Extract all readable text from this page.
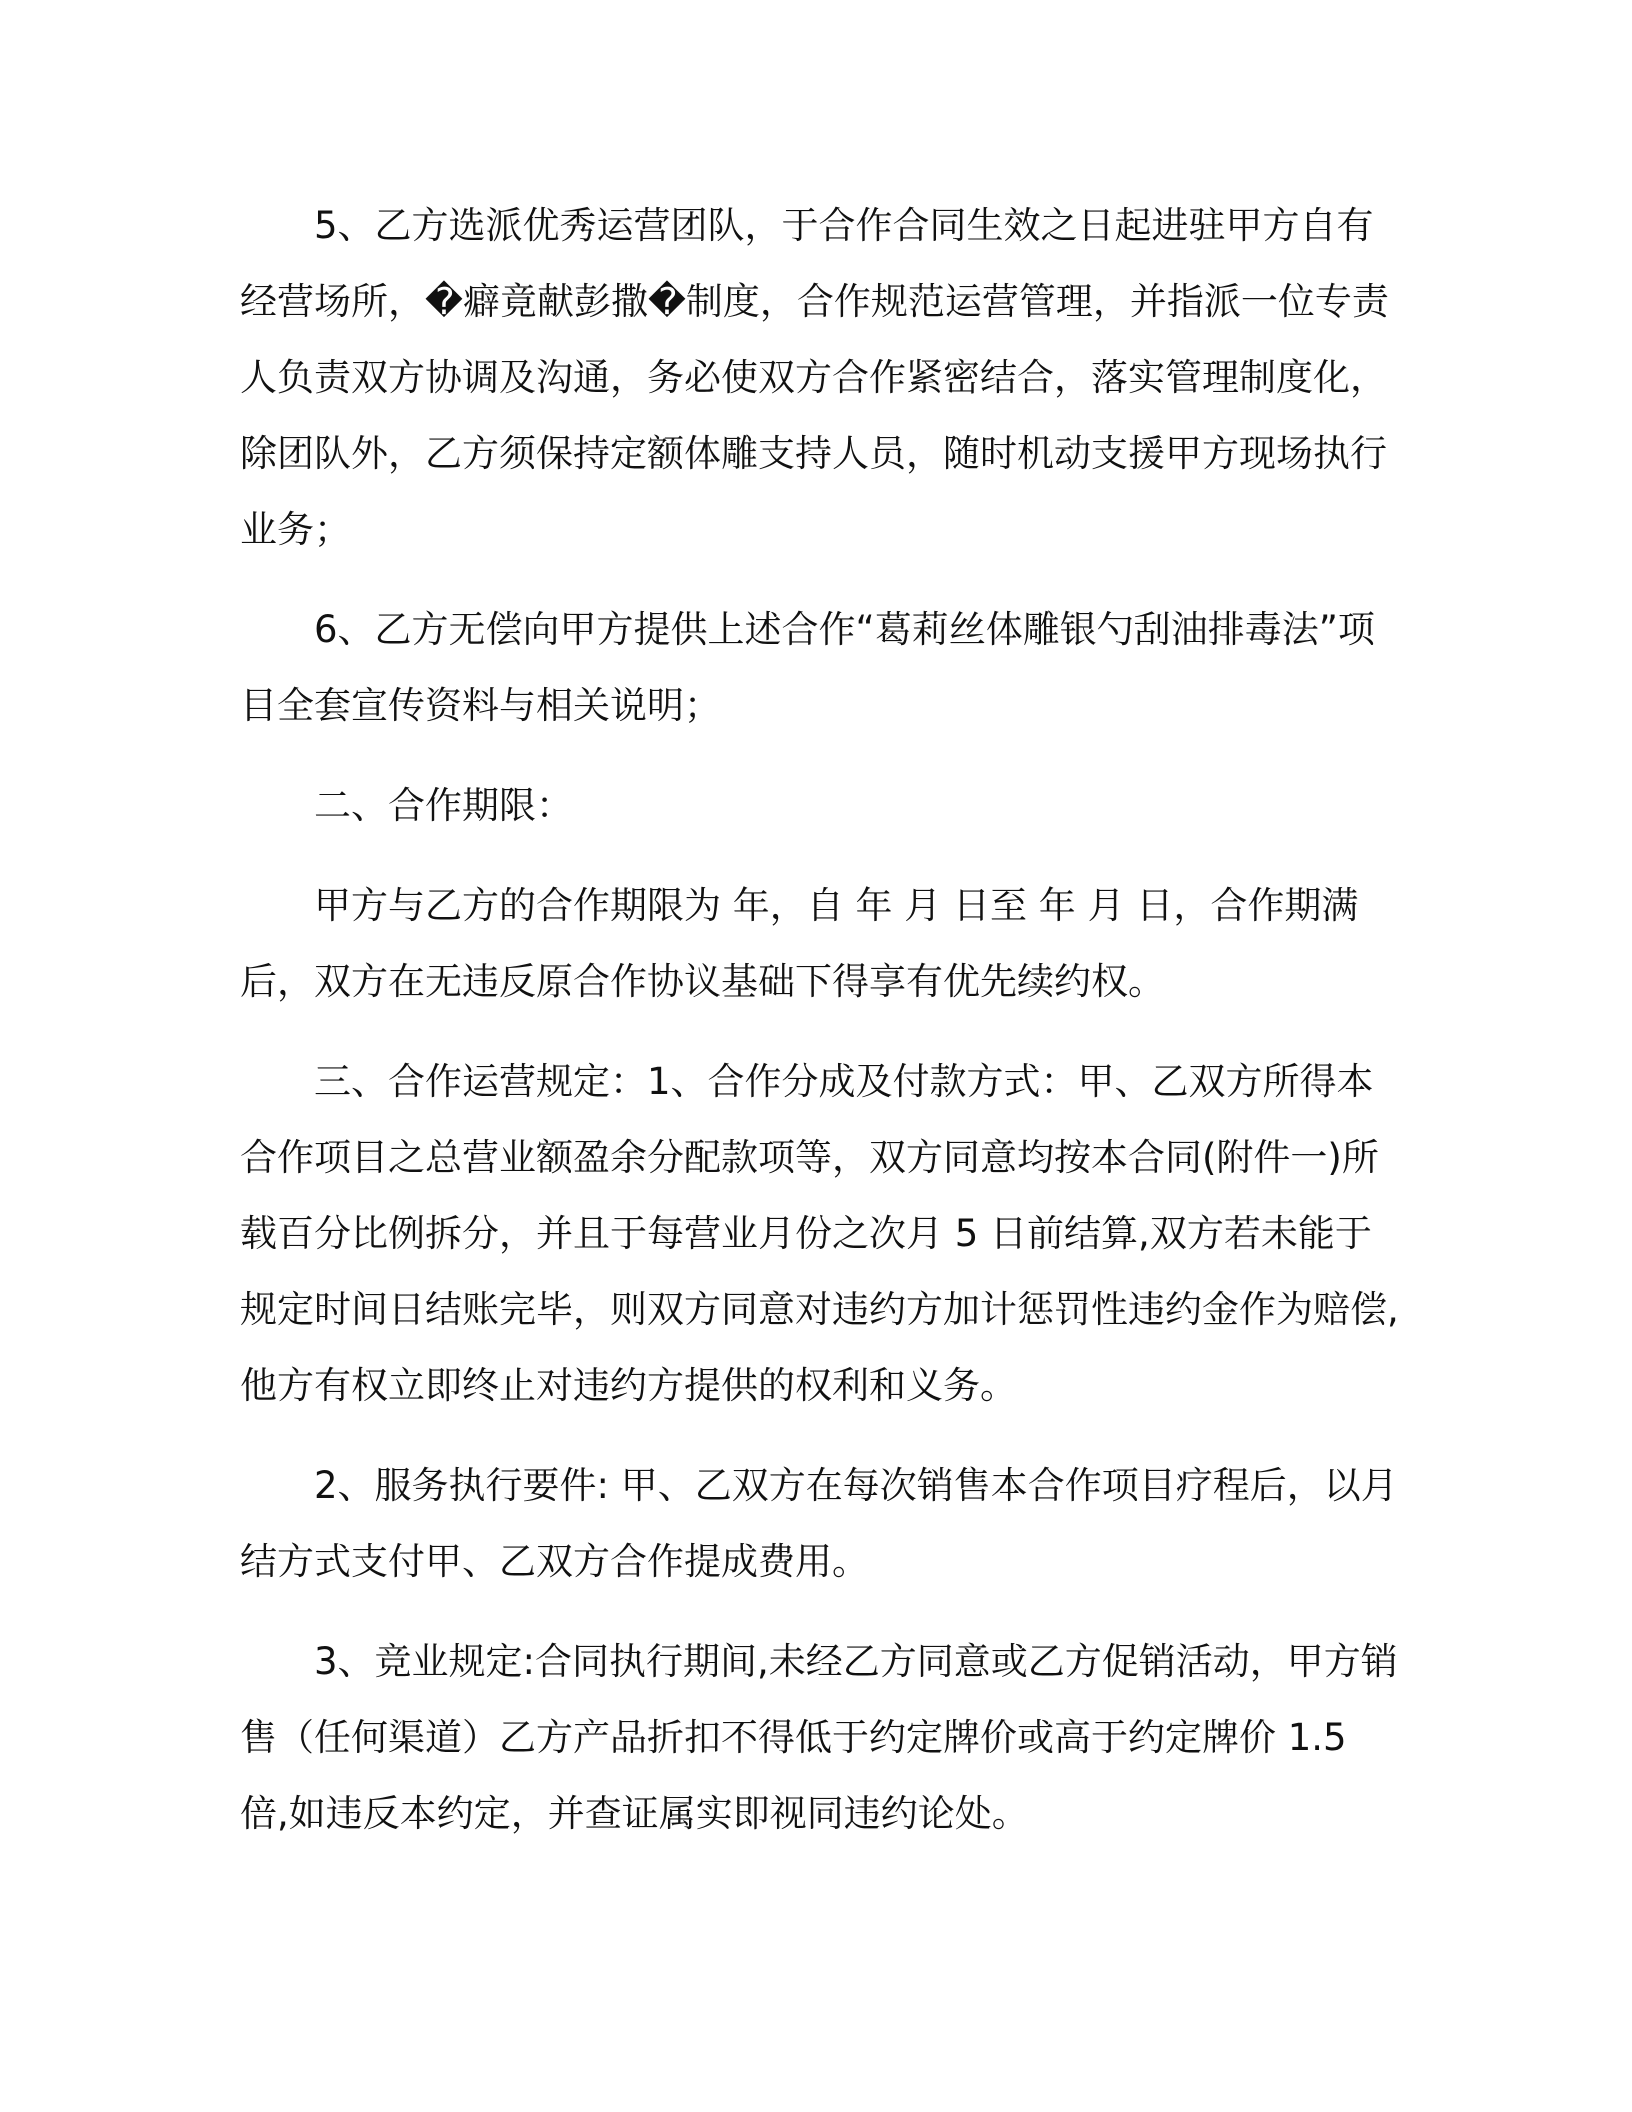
5、乙方选派优秀运营团队，于合作合同生效之日起进驻甲方自有经营场所，�癖竟献彭撒�制度，合作规范运营管理，并指派一位专责人负责双方协调及沟通，务必使双方合作紧密结合，落实管理制度化，除团队外，乙方须保持定额体雕支持人员，随时机动支援甲方现场执行业务；

6、乙方无偿向甲方提供上述合作“葛莉丝体雕银勺刮油排毒法”项目全套宣传资料与相关说明；

二、合作期限：

甲方与乙方的合作期限为 年，自 年 月 日至 年 月 日，合作期满后，双方在无违反原合作协议基础下得享有优先续约权。

三、合作运营规定：1、合作分成及付款方式：甲、乙双方所得本合作项目之总营业额盈余分配款项等，双方同意均按本合同(附件一)所载百分比例拆分，并且于每营业月份之次月 5 日前结算,双方若未能于规定时间日结账完毕，则双方同意对违约方加计惩罚性违约金作为赔偿,他方有权立即终止对违约方提供的权利和义务。

2、服务执行要件: 甲、乙双方在每次销售本合作项目疗程后，以月结方式支付甲、乙双方合作提成费用。

3、竞业规定:合同执行期间,未经乙方同意或乙方促销活动，甲方销售（任何渠道）乙方产品折扣不得低于约定牌价或高于约定牌价 1.5 倍,如违反本约定，并查证属实即视同违约论处。
